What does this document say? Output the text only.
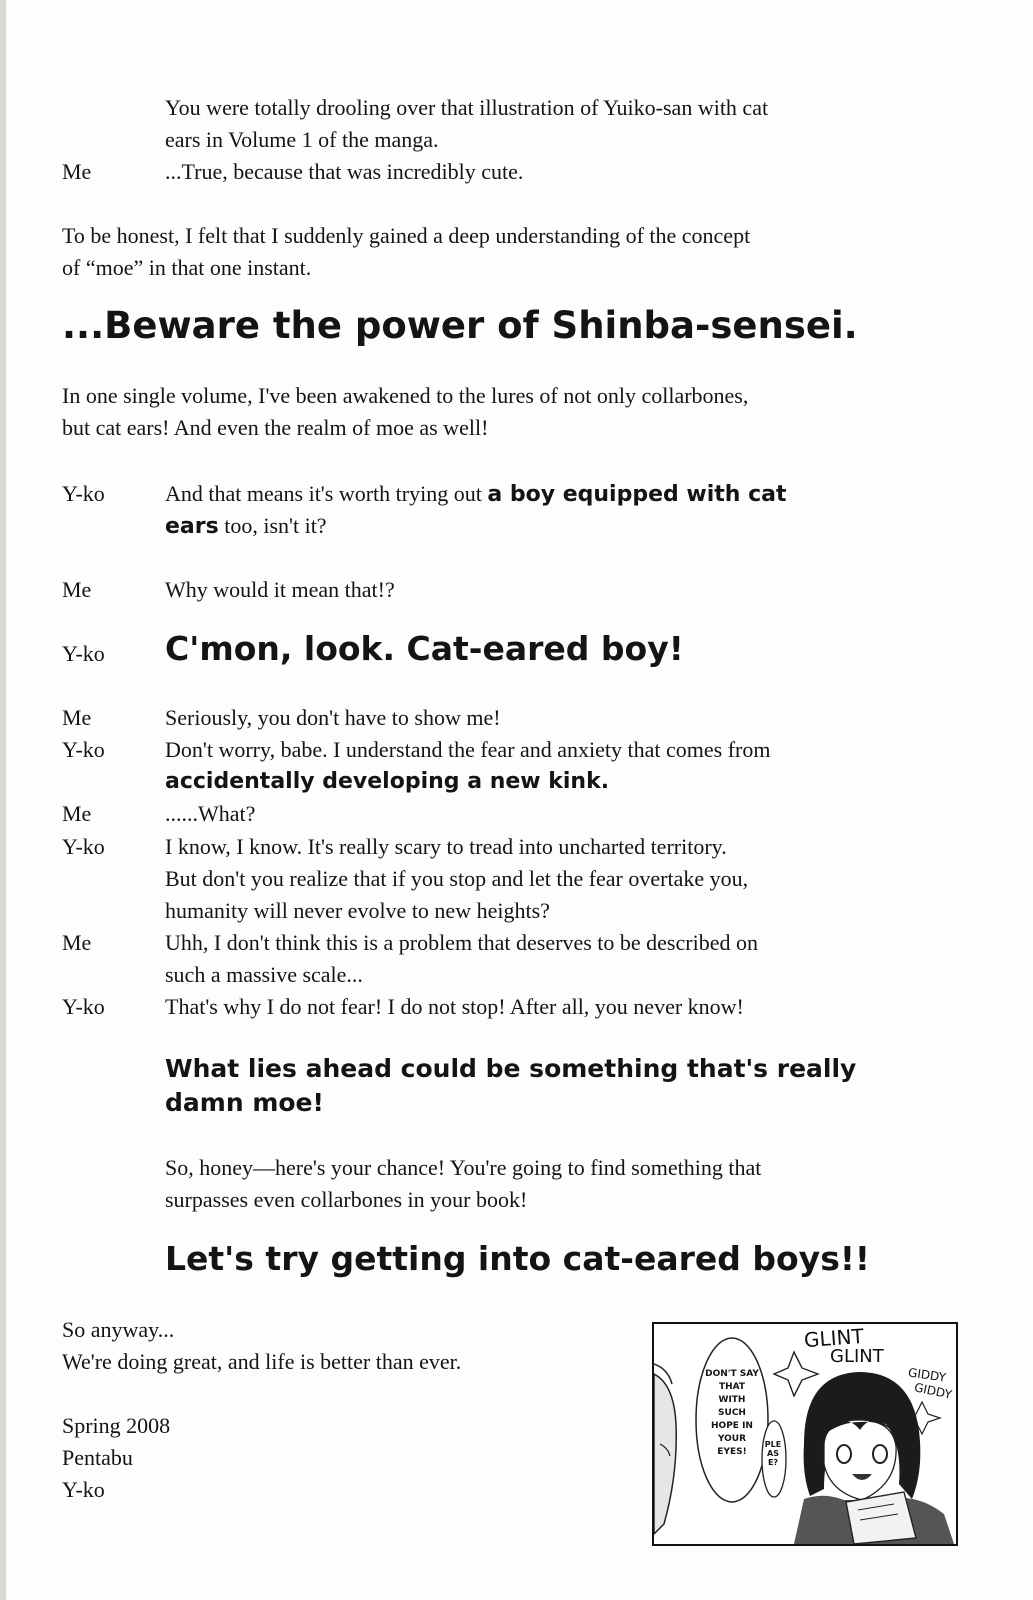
You were totally drooling over that illustration of Yuiko-san with cat
ears in Volume 1 of the manga.
Me	...True, because that was incredibly cute.
To be honest, I felt that I suddenly gained a deep understanding of the concept
of “moe” in that one instant.
...Beware the power of Shinba-sensei.
In one single volume, I've been awakened to the lures of not only collarbones,
but cat ears! And even the realm of moe as well!
Y-ko	And that means it's worth trying out a boy equipped with cat
ears too, isn't it?
Me	Why would it mean that!?
Y-ko C'mon, look. Cat-eared boy!
Me	Seriously, you don't have to show me!
Y-ko	Don't worry, babe. I understand the fear and anxiety that comes from
accidentally developing a new kink.
Me	......What?
Y-ko	I know, I know. It's really scary to tread into uncharted territory.
But don't you realize that if you stop and let the fear overtake you,
humanity will never evolve to new heights?
Me	Uhh, I don't think this is a problem that deserves to be described on
such a massive scale...
Y-ko	That's why I do not fear! I do not stop! After all, you never know!
What lies ahead could be something that's really
damn moe!
So, honey—here's your chance! You're going to find something that
surpasses even collarbones in your book!
Let's try getting into cat-eared boys!!
So anyway...
We're doing great, and life is better than ever.
Spring 2008
Pentabu
Y-ko
GLINT
GLINT
GIDDY
GIDDY
DON'T SAY THAT WITH SUCH HOPE IN YOUR EYES!
PLEASE?
